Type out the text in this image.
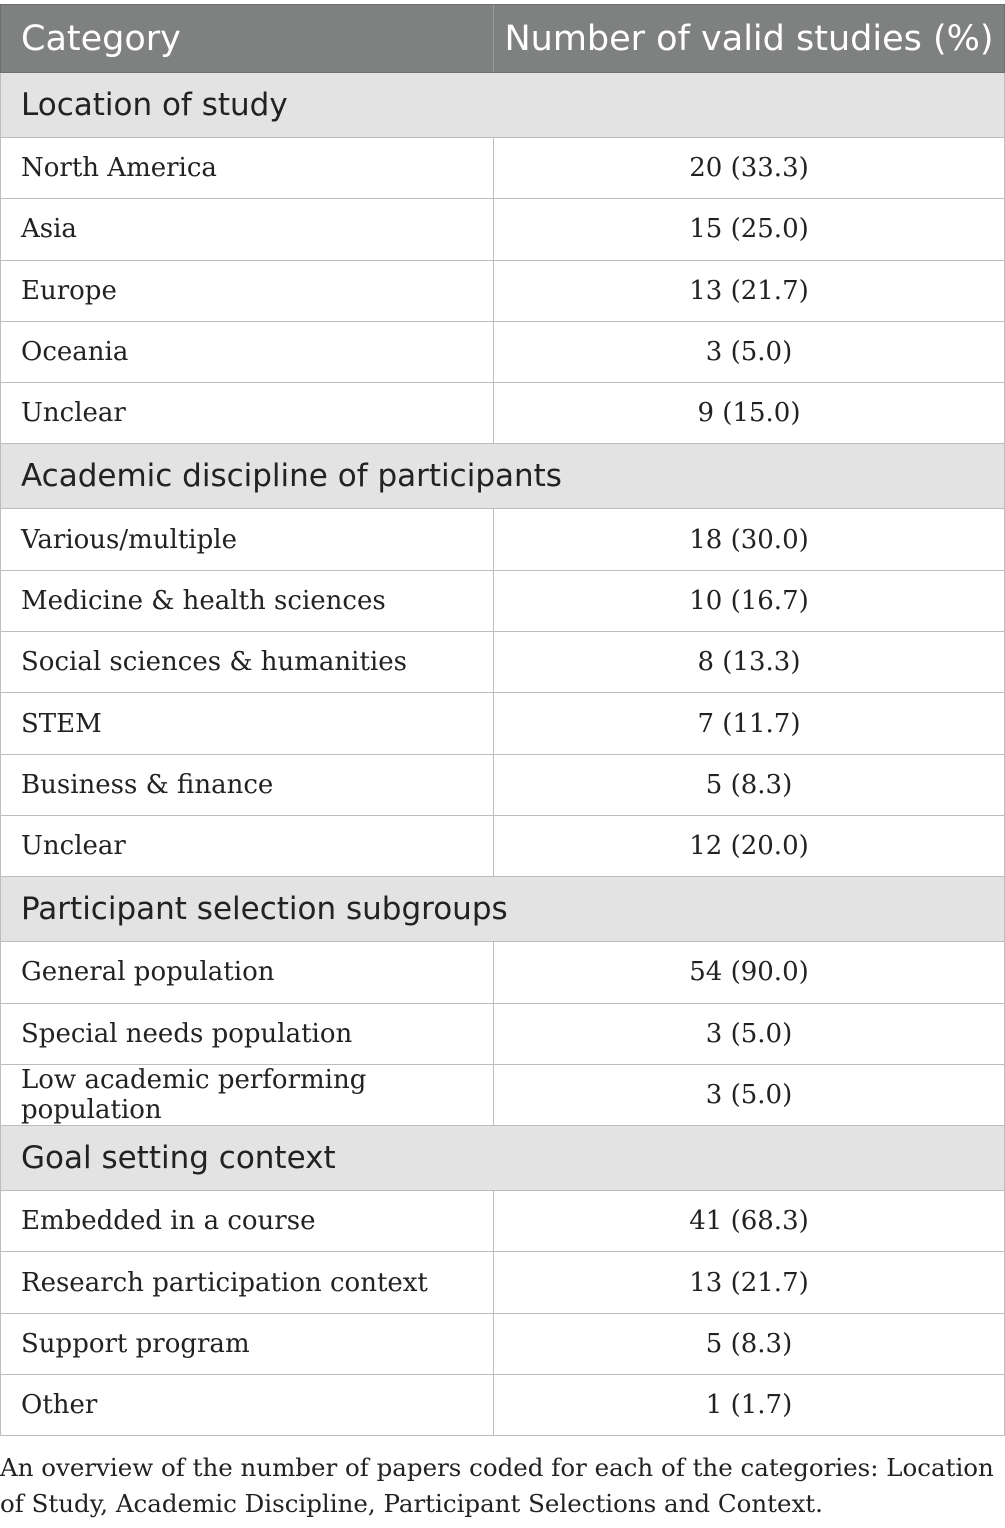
Category	Number of valid studies (%)
Location of study
North America	20 (33.3)
Asia	15 (25.0)
Europe	13 (21.7)
Oceania	3 (5.0)
Unclear	9 (15.0)
Academic discipline of participants
Various/multiple	18 (30.0)
Medicine & health sciences	10 (16.7)
Social sciences & humanities	8 (13.3)
STEM	7 (11.7)
Business & finance	5 (8.3)
Unclear	12 (20.0)
Participant selection subgroups
General population	54 (90.0)
Special needs population	3 (5.0)
Low academic performing population	3 (5.0)
Goal setting context
Embedded in a course	41 (68.3)
Research participation context	13 (21.7)
Support program	5 (8.3)
Other	1 (1.7)
An overview of the number of papers coded for each of the categories: Location of Study, Academic Discipline, Participant Selections and Context.
